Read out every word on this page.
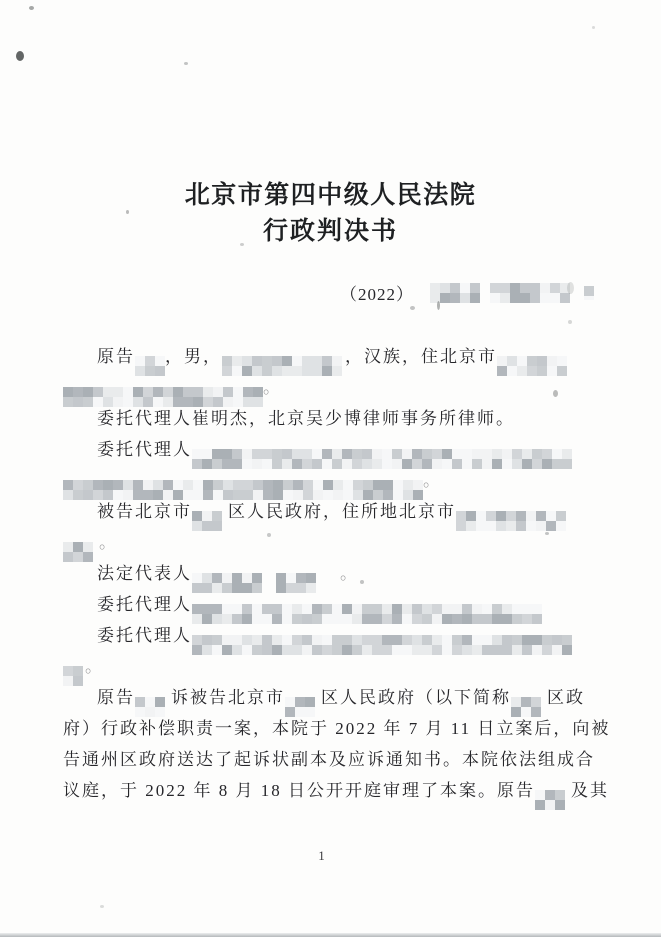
北京市第四中级人民法院
行政判决书
（2022）
原告 ，男，	，汉族，住北京市
。
委托代理人崔明杰，北京吴少博律师事务所律师。
委托代理人
。
被告北京市 区人民政府，住所地北京市
。
法定代表人	。
委托代理人
委托代理人
。
原告 诉被告北京市 区人民政府（以下简称 区政
府）行政补偿职责一案，本院于 2022 年 7 月 11 日立案后，向被
告通州区政府送达了起诉状副本及应诉通知书。本院依法组成合
议庭，于 2022 年 8 月 18 日公开开庭审理了本案。原告 及其
1
